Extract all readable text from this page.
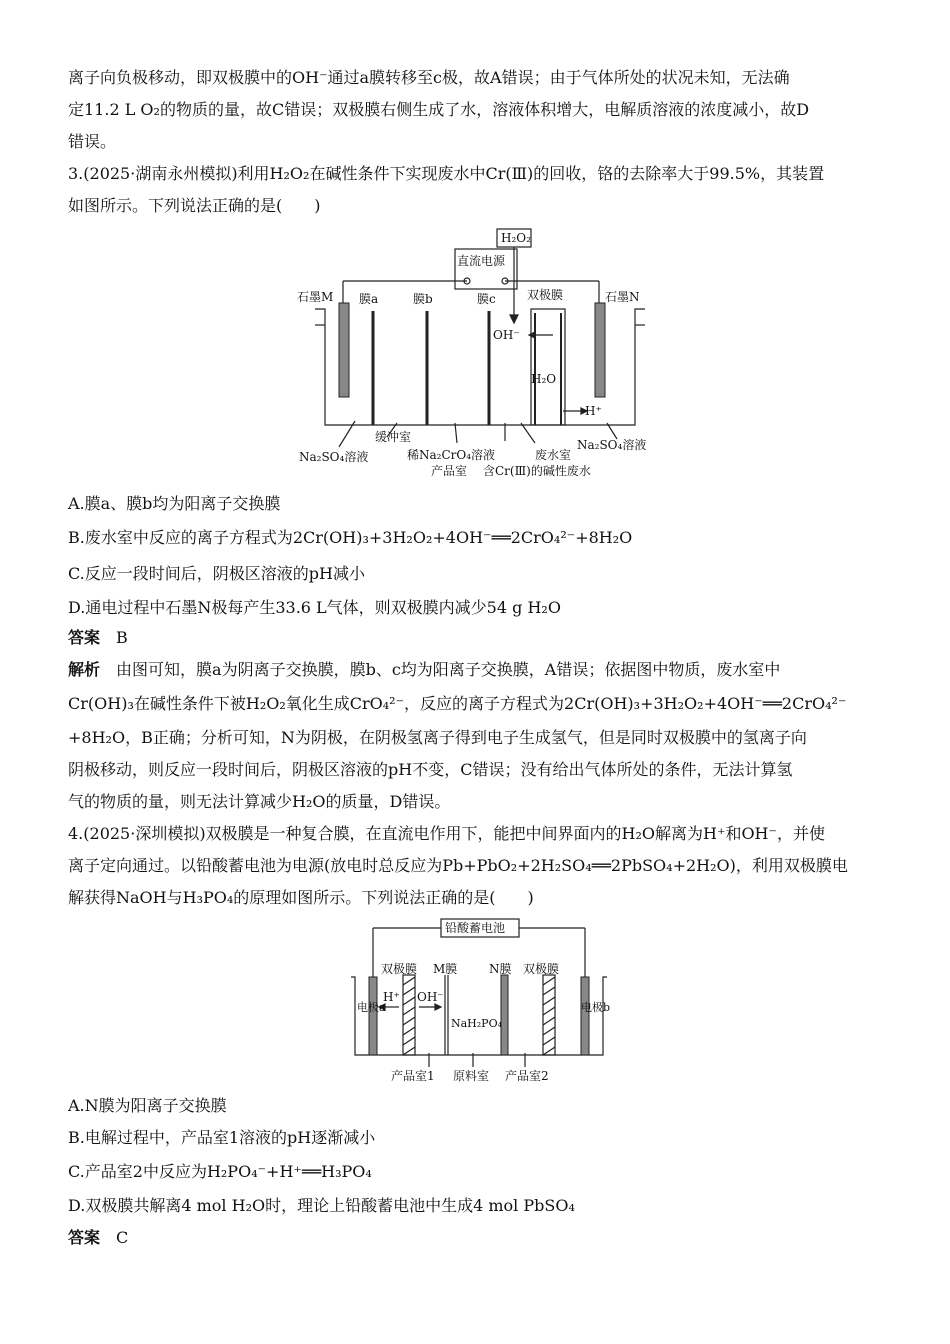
离子向负极移动，即双极膜中的OH⁻通过a膜转移至c极，故A错误；由于气体所处的状况未知，无法确
定11.2 L O₂的物质的量，故C错误；双极膜右侧生成了水，溶液体积增大，电解质溶液的浓度减小，故D
错误。
3.(2025·湖南永州模拟)利用H₂O₂在碱性条件下实现废水中Cr(Ⅲ)的回收，铬的去除率大于99.5%，其装置
如图所示。下列说法正确的是(　　)
H₂O₂
直流电源
石墨M 膜a	膜b	膜c	双极膜	石墨N
OH⁻
H₂O
H⁺
缓冲室
Na₂SO₄溶液	稀Na₂CrO₄溶液
产品室
废水室
含Cr(Ⅲ)的碱性废水
Na₂SO₄溶液
A.膜a、膜b均为阳离子交换膜
B.废水室中反应的离子方程式为2Cr(OH)₃+3H₂O₂+4OH⁻══2CrO₄²⁻+8H₂O
C.反应一段时间后，阴极区溶液的pH减小
D.通电过程中石墨N极每产生33.6 L气体，则双极膜内减少54 g H₂O
答案　 B
解析　 由图可知，膜a为阴离子交换膜，膜b、c均为阳离子交换膜，A错误；依据图中物质，废水室中
Cr(OH)₃在碱性条件下被H₂O₂氧化生成CrO₄²⁻，反应的离子方程式为2Cr(OH)₃+3H₂O₂+4OH⁻══2CrO₄²⁻
+8H₂O，B正确；分析可知，N为阴极，在阴极氢离子得到电子生成氢气，但是同时双极膜中的氢离子向
阴极移动，则反应一段时间后，阴极区溶液的pH不变，C错误；没有给出气体所处的条件，无法计算氢
气的物质的量，则无法计算减少H₂O的质量，D错误。
4.(2025·深圳模拟)双极膜是一种复合膜，在直流电作用下，能把中间界面内的H₂O解离为H⁺和OH⁻，并使
离子定向通过。以铅酸蓄电池为电源(放电时总反应为Pb+PbO₂+2H₂SO₄══2PbSO₄+2H₂O)，利用双极膜电
解获得NaOH与H₃PO₄的原理如图所示。下列说法正确的是(　　)
铅酸蓄电池
双极膜 M膜	N膜 双极膜
电极a	电极b
H⁺ OH⁻
NaH₂PO₄
产品室1 原料室 产品室2
A.N膜为阳离子交换膜
B.电解过程中，产品室1溶液的pH逐渐减小
C.产品室2中反应为H₂PO₄⁻+H⁺══H₃PO₄
D.双极膜共解离4 mol H₂O时，理论上铅酸蓄电池中生成4 mol PbSO₄
答案　 C
